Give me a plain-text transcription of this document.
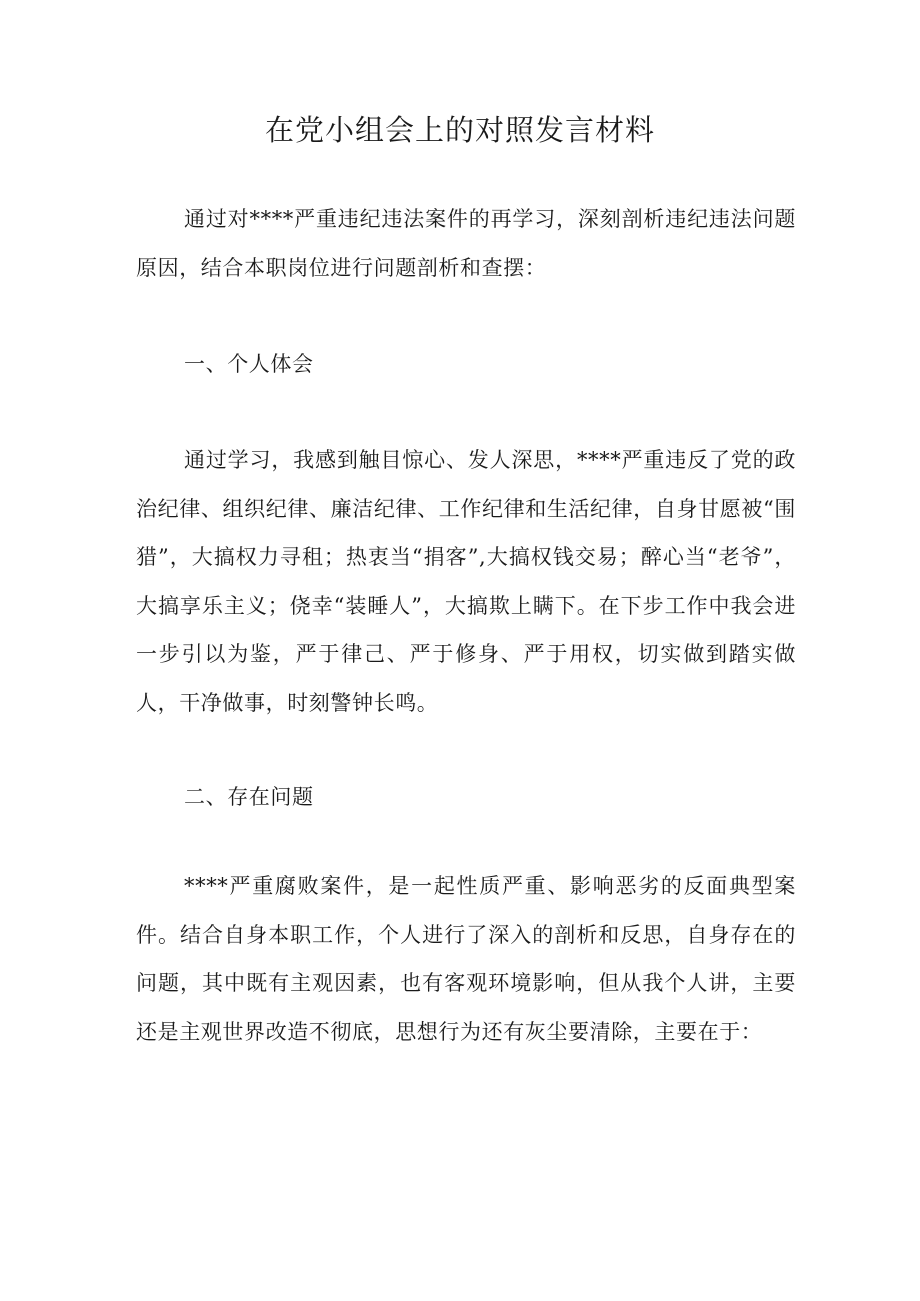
在党小组会上的对照发言材料

通过对****严重违纪违法案件的再学习，深刻剖析违纪违法问题原因，结合本职岗位进行问题剖析和查摆：

一、个人体会

通过学习，我感到触目惊心、发人深思，****严重违反了党的政治纪律、组织纪律、廉洁纪律、工作纪律和生活纪律，自身甘愿被“围猎”，大搞权力寻租；热衷当“捐客”,大搞权钱交易；醉心当“老爷”，大搞享乐主义；侥幸“装睡人”，大搞欺上瞒下。在下步工作中我会进一步引以为鉴，严于律己、严于修身、严于用权，切实做到踏实做人，干净做事，时刻警钟长鸣。

二、存在问题

****严重腐败案件，是一起性质严重、影响恶劣的反面典型案件。结合自身本职工作，个人进行了深入的剖析和反思，自身存在的问题，其中既有主观因素，也有客观环境影响，但从我个人讲，主要还是主观世界改造不彻底，思想行为还有灰尘要清除，主要在于：
